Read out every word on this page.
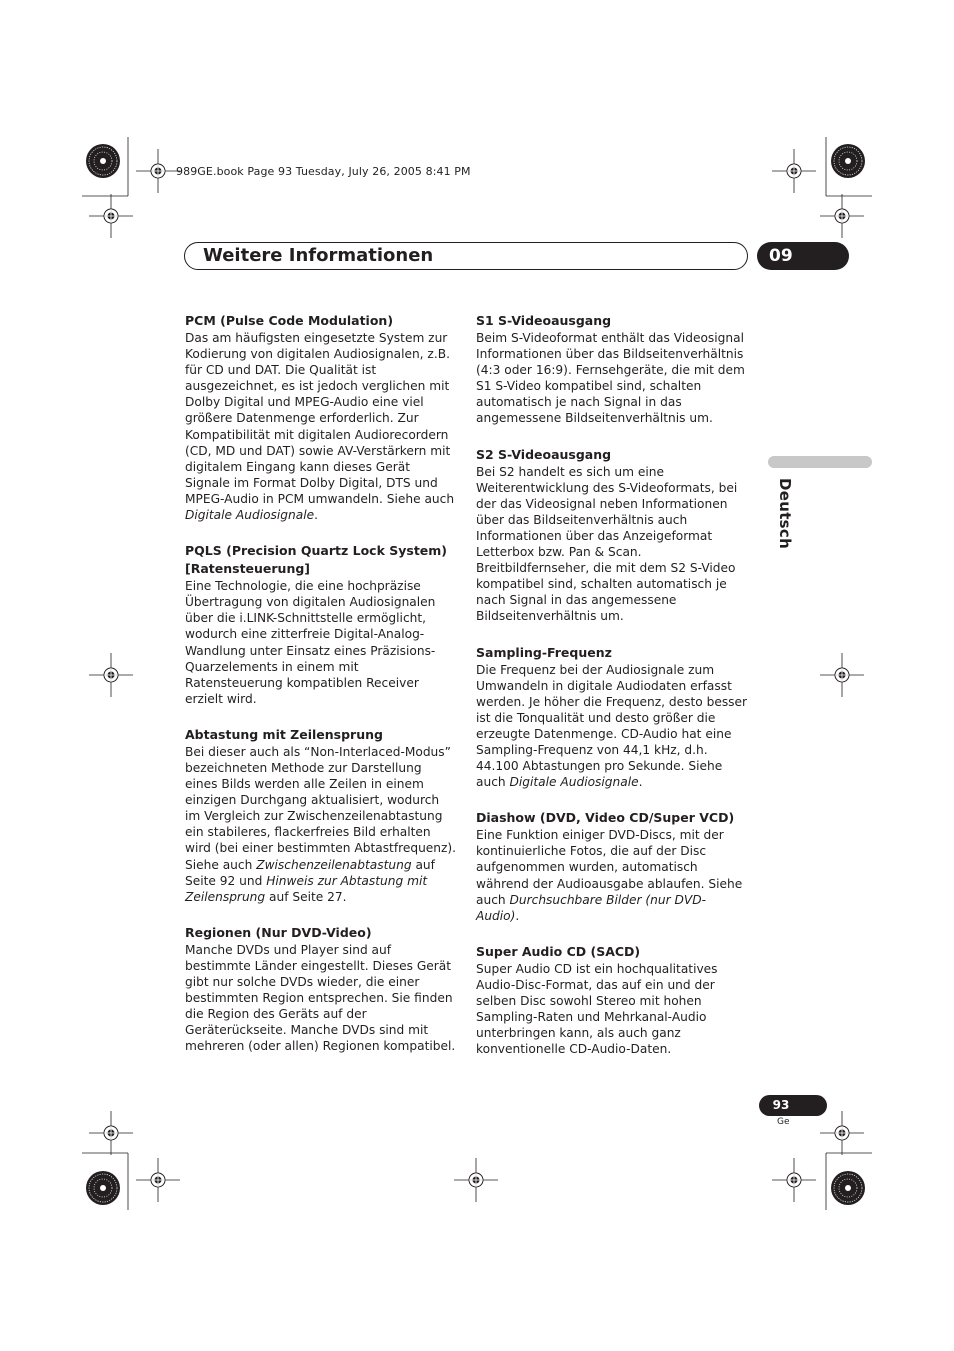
989GE.book Page 93 Tuesday, July 26, 2005 8:41 PM
Weitere Informationen	09
Deutsch
PCM (Pulse Code Modulation)

Das am häufigsten eingesetzte System zur Kodierung von digitalen Audiosignalen, z.B. für CD und DAT. Die Qualität ist ausgezeichnet, es ist jedoch verglichen mit Dolby Digital und MPEG-Audio eine viel größere Datenmenge erforderlich. Zur Kompatibilität mit digitalen Audiorecordern (CD, MD und DAT) sowie AV-Verstärkern mit digitalem Eingang kann dieses Gerät Signale im Format Dolby Digital, DTS und MPEG-Audio in PCM umwandeln. Siehe auch Digitale Audiosignale.

PQLS (Precision Quartz Lock System) [Ratensteuerung]

Eine Technologie, die eine hochpräzise Übertragung von digitalen Audiosignalen über die i.LINK-Schnittstelle ermöglicht, wodurch eine zitterfreie Digital-Analog-Wandlung unter Einsatz eines Präzisions-Quarzelements in einem mit Ratensteuerung kompatiblen Receiver erzielt wird.

Abtastung mit Zeilensprung

Bei dieser auch als “Non-Interlaced-Modus” bezeichneten Methode zur Darstellung eines Bilds werden alle Zeilen in einem einzigen Durchgang aktualisiert, wodurch im Vergleich zur Zwischenzeilenabtastung ein stabileres, flackerfreies Bild erhalten wird (bei einer bestimmten Abtastfrequenz). Siehe auch Zwischenzeilenabtastung auf Seite 92 und Hinweis zur Abtastung mit Zeilensprung auf Seite 27.

Regionen (Nur DVD-Video)

Manche DVDs und Player sind auf bestimmte Länder eingestellt. Dieses Gerät gibt nur solche DVDs wieder, die einer bestimmten Region entsprechen. Sie finden die Region des Geräts auf der Geräterückseite. Manche DVDs sind mit mehreren (oder allen) Regionen kompatibel.

S1 S-Videoausgang

Beim S-Videoformat enthält das Videosignal Informationen über das Bildseitenverhältnis (4:3 oder 16:9). Fernsehgeräte, die mit dem S1 S-Video kompatibel sind, schalten automatisch je nach Signal in das angemessene Bildseitenverhältnis um.

S2 S-Videoausgang

Bei S2 handelt es sich um eine Weiterentwicklung des S-Videoformats, bei der das Videosignal neben Informationen über das Bildseitenverhältnis auch Informationen über das Anzeigeformat Letterbox bzw. Pan & Scan. Breitbildfernseher, die mit dem S2 S-Video kompatibel sind, schalten automatisch je nach Signal in das angemessene Bildseitenverhältnis um.

Sampling-Frequenz

Die Frequenz bei der Audiosignale zum Umwandeln in digitale Audiodaten erfasst werden. Je höher die Frequenz, desto besser ist die Tonqualität und desto größer die erzeugte Datenmenge. CD-Audio hat eine Sampling-Frequenz von 44,1 kHz, d.h. 44.100 Abtastungen pro Sekunde. Siehe auch Digitale Audiosignale.

Diashow (DVD, Video CD/Super VCD)

Eine Funktion einiger DVD-Discs, mit der kontinuierliche Fotos, die auf der Disc aufgenommen wurden, automatisch während der Audioausgabe ablaufen. Siehe auch Durchsuchbare Bilder (nur DVD-Audio).

Super Audio CD (SACD)

Super Audio CD ist ein hochqualitatives Audio-Disc-Format, das auf ein und der selben Disc sowohl Stereo mit hohen Sampling-Raten und Mehrkanal-Audio unterbringen kann, als auch ganz konventionelle CD-Audio-Daten.

93
Ge
